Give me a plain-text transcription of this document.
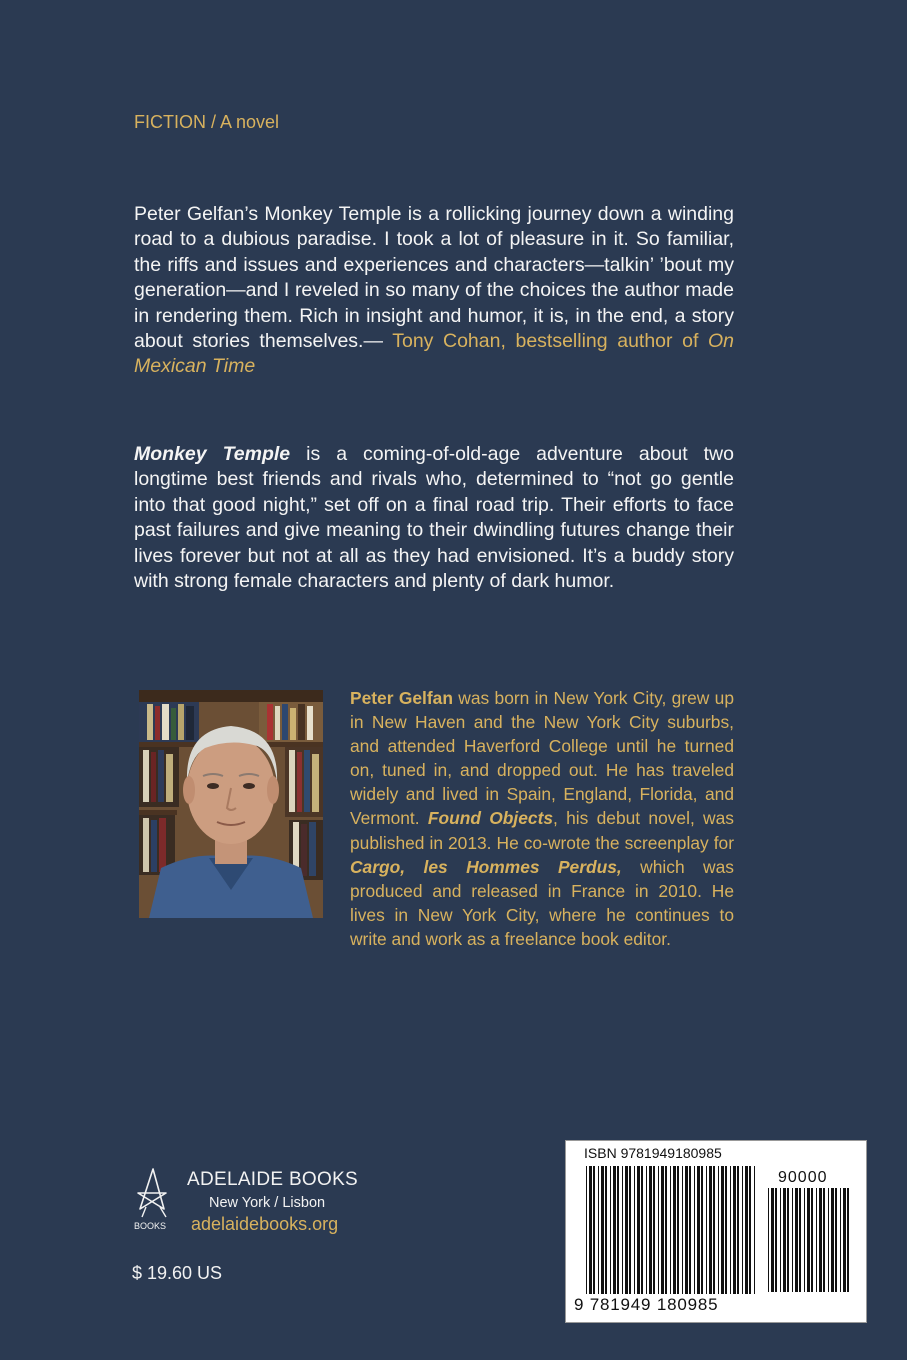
FICTION / A novel
Peter Gelfan’s Monkey Temple is a rollicking journey down a winding road to a dubious paradise. I took a lot of pleasure in it. So familiar, the riffs and issues and experiences and characters—talkin’ ’bout my generation—and I reveled in so many of the choices the author made in rendering them. Rich in insight and humor, it is, in the end, a story about stories themselves.— Tony Cohan, bestselling author of On Mexican Time
Monkey Temple is a coming-of-old-age adventure about two longtime best friends and rivals who, determined to “not go gentle into that good night,” set off on a final road trip. Their efforts to face past failures and give meaning to their dwindling futures change their lives forever but not at all as they had envisioned. It’s a buddy story with strong female characters and plenty of dark humor.
Peter Gelfan was born in New York City, grew up in New Haven and the New York City suburbs, and attended Haverford College until he turned on, tuned in, and dropped out. He has traveled widely and lived in Spain, England, Florida, and Vermont. Found Objects, his debut novel, was published in 2013. He co-wrote the screenplay for Cargo, les Hommes Perdus, which was produced and released in France in 2010. He lives in New York City, where he continues to write and work as a freelance book editor.
BOOKS
ADELAIDE BOOKS
New York / Lisbon
adelaidebooks.org
$ 19.60 US
ISBN 9781949180985
90000
9 781949 180985
